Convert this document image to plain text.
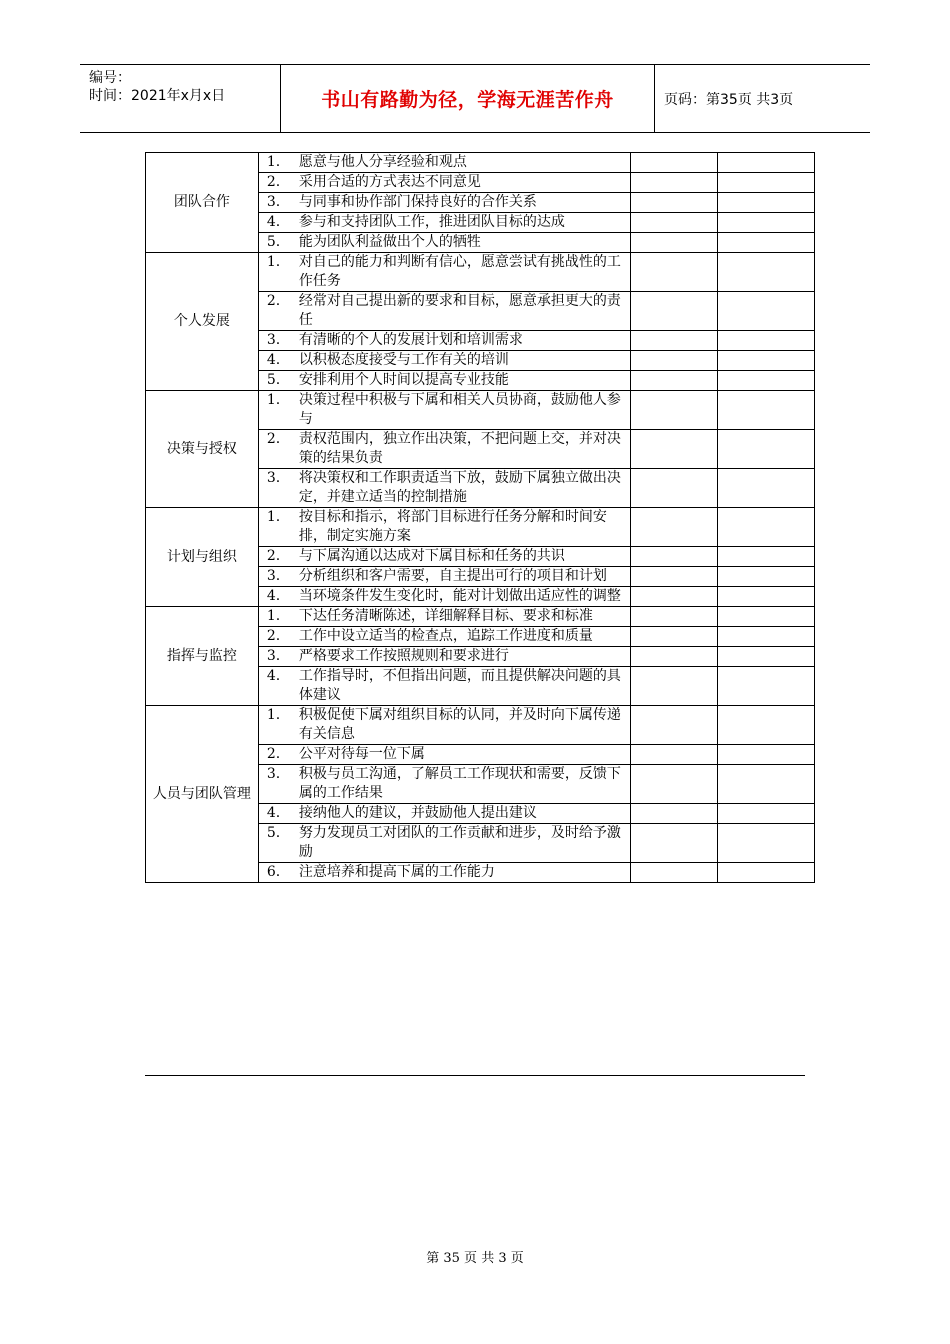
编号：
时间：2021年x月x日	书山有路勤为径，学海无涯苦作舟	页码：第35页 共3页
团队合作	1. 愿意与他人分享经验和观点		

	2. 采用合适的方式表达不同意见		

	3. 与同事和协作部门保持良好的合作关系		

	4. 参与和支持团队工作，推进团队目标的达成		

	5. 能为团队利益做出个人的牺牲		

个人发展	1. 对自己的能力和判断有信心，愿意尝试有挑战性的工作任务		

	2. 经常对自己提出新的要求和目标，愿意承担更大的责任		

	3. 有清晰的个人的发展计划和培训需求		

	4. 以积极态度接受与工作有关的培训		

	5. 安排利用个人时间以提高专业技能		

决策与授权	1. 决策过程中积极与下属和相关人员协商，鼓励他人参与		

	2. 责权范围内，独立作出决策，不把问题上交，并对决策的结果负责		

	3. 将决策权和工作职责适当下放，鼓励下属独立做出决定，并建立适当的控制措施		

计划与组织	1. 按目标和指示，将部门目标进行任务分解和时间安排，制定实施方案		

	2. 与下属沟通以达成对下属目标和任务的共识		

	3. 分析组织和客户需要，自主提出可行的项目和计划		

	4. 当环境条件发生变化时，能对计划做出适应性的调整		

指挥与监控	1. 下达任务清晰陈述，详细解释目标、要求和标准		

	2. 工作中设立适当的检查点，追踪工作进度和质量		

	3. 严格要求工作按照规则和要求进行		

	4. 工作指导时，不但指出问题，而且提供解决问题的具体建议		

人员与团队管理	1. 积极促使下属对组织目标的认同，并及时向下属传递有关信息		

	2. 公平对待每一位下属		

	3. 积极与员工沟通，了解员工工作现状和需要，反馈下属的工作结果		

	4. 接纳他人的建议，并鼓励他人提出建议		

	5. 努力发现员工对团队的工作贡献和进步，及时给予激励		

	6. 注意培养和提高下属的工作能力		

第 35 页 共 3 页
